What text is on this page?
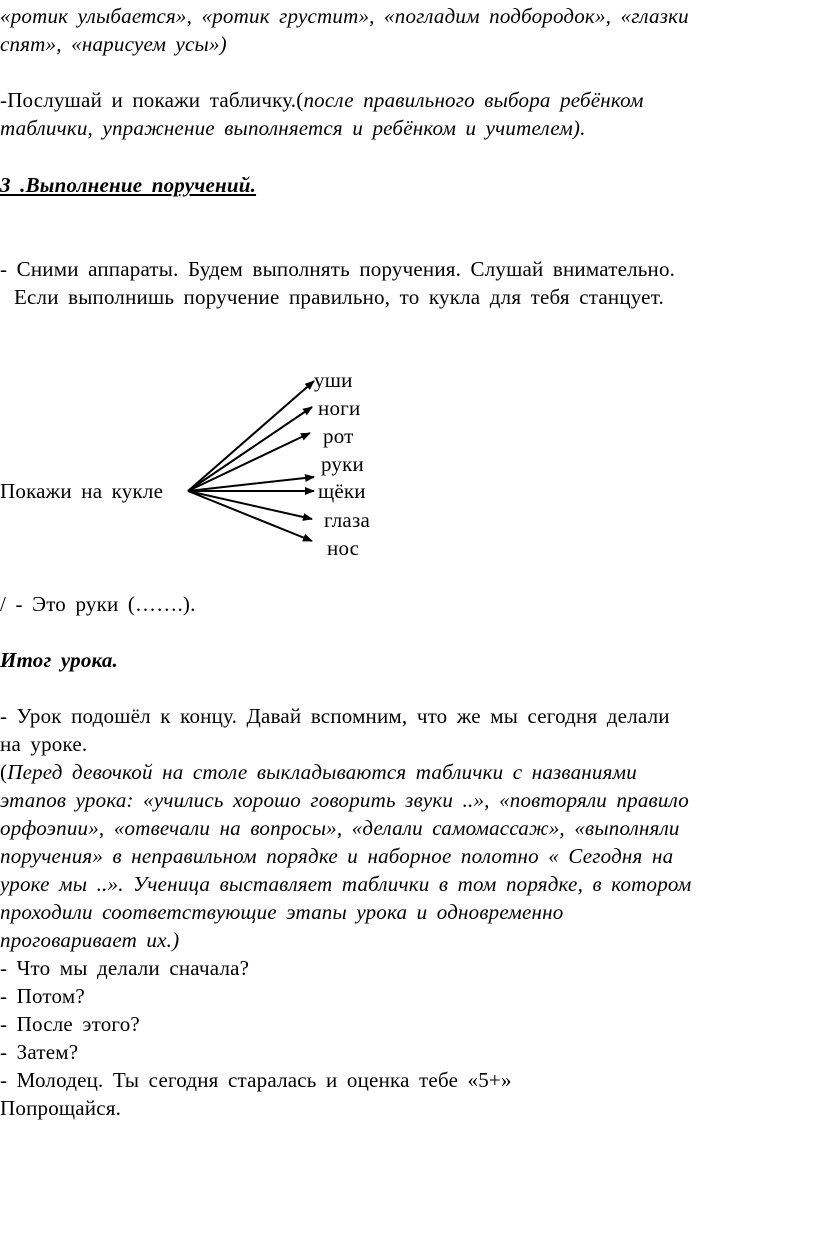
«ротик улыбается», «ротик грустит», «погладим подбородок», «глазки
спят», «нарисуем усы»)
-Послушай и покажи табличку.(после правильного выбора ребёнком
таблички, упражнение выполняется и ребёнком и учителем).
3 .Выполнение поручений.
- Сними аппараты. Будем выполнять поручения. Слушай внимательно.
Если выполнишь поручение правильно, то кукла для тебя станцует.
Покажи на кукле
уши
ноги
рот
руки
щёки
глаза
нос
/ - Это руки (…….).
Итог урока.
- Урок подошёл к концу. Давай вспомним, что же мы сегодня делали
на уроке.
(Перед девочкой на столе выкладываются таблички с названиями
этапов урока: «учились хорошо говорить звуки ..», «повторяли правило
орфоэпии», «отвечали на вопросы», «делали самомассаж», «выполняли
поручения» в неправильном порядке и наборное полотно « Сегодня на
уроке мы ..». Ученица выставляет таблички в том порядке, в котором
проходили соответствующие этапы урока и одновременно
проговаривает их.)
- Что мы делали сначала?
- Потом?
- После этого?
- Затем?
- Молодец. Ты сегодня старалась и оценка тебе «5+»
Попрощайся.
